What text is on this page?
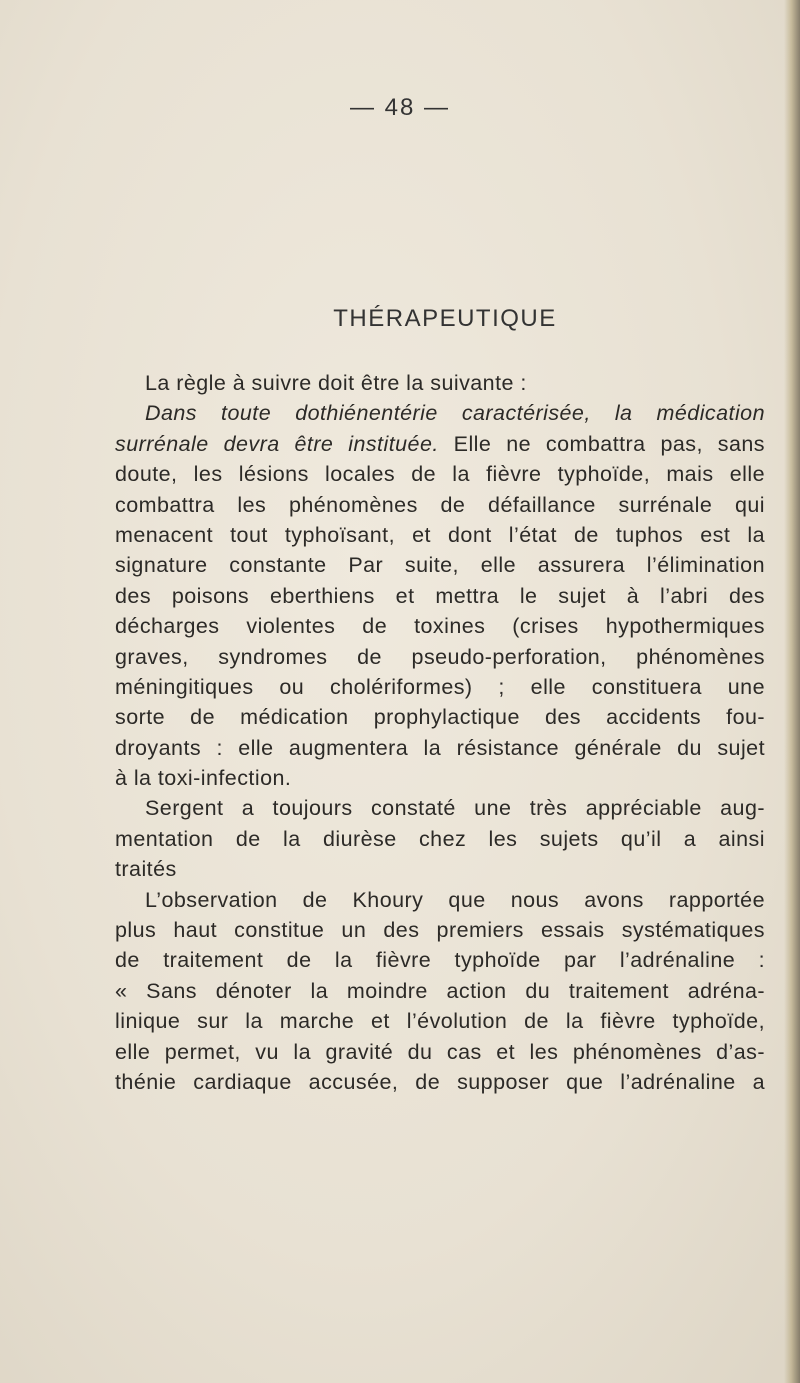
— 48 —
THÉRAPEUTIQUE
La règle à suivre doit être la suivante :
Dans toute dothiénentérie caractérisée, la médication
surrénale devra être instituée. Elle ne combattra pas, sans
doute, les lésions locales de la fièvre typhoïde, mais elle
combattra les phénomènes de défaillance surrénale qui
menacent tout typhoïsant, et dont l’état de tuphos est la
signature constante Par suite, elle assurera l’élimination
des poisons eberthiens et mettra le sujet à l’abri des
décharges violentes de toxines (crises hypothermiques
graves, syndromes de pseudo-perforation, phénomènes
méningitiques ou cholériformes) ; elle constituera une
sorte de médication prophylactique des accidents fou-
droyants : elle augmentera la résistance générale du sujet
à la toxi-infection.
Sergent a toujours constaté une très appréciable aug-
mentation de la diurèse chez les sujets qu’il a ainsi
traités
L’observation de Khoury que nous avons rapportée
plus haut constitue un des premiers essais systématiques
de traitement de la fièvre typhoïde par l’adrénaline :
« Sans dénoter la moindre action du traitement adréna-
linique sur la marche et l’évolution de la fièvre typhoïde,
elle permet, vu la gravité du cas et les phénomènes d’as-
thénie cardiaque accusée, de supposer que l’adrénaline a
